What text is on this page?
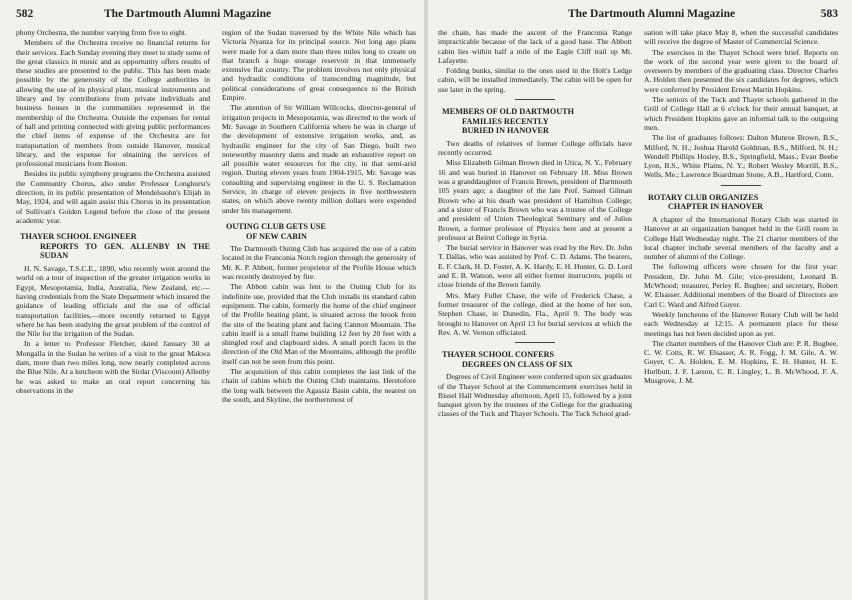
582	The Dartmouth Alumni Magazine

phony Orchestra, the number varying from five to eight.

Members of the Orchestra receive no financial returns for their services. Each Sunday evening they meet to study some of the great classics in music and as opportunity offers results of these studies are presented to the public. This has been made possible by the generosity of the College authorities in allowing the use of its physical plant, musical instruments and library and by contributions from private individuals and business houses in the communities represented in the membership of the Orchestra. Outside the expenses for rental of hall and printing connected with giving public performances the chief items of expense of the Orchestra are for transportation of members from outside Hanover, musical library, and the expense for obtaining the services of professional musicians from Boston.

Besides its public symphony programs the Orchestra assisted the Community Chorus, also under Professor Longhurst's direction, in its public presentation of Mendelssohn's Elijah in May, 1924, and will again assist this Chorus in its presentation of Sullivan's Golden Legend before the close of the present academic year.

THAYER SCHOOL ENGINEER
REPORTS TO GEN. ALLENBY IN THE SUDAN

H. N. Savage, T.S.C.E., 1890, who recently went around the world on a tour of inspection of the greater irrigation works in Egypt, Mesopotamia, India, Australia, New Zealand, etc.—having credentials from the State Department which insured the guidance of leading officials and the use of official transportation facilities,—more recently returned to Egypt where he has been studying the great problem of the control of the Nile for the irrigation of the Sudan.

In a letter to Professor Fletcher, dated January 30 at Mongalla in the Sudan he writes of a visit to the great Makwa dam, more than two miles long, now nearly completed across the Blue Nile. At a luncheon with the Sirdar (Viscount) Allenby he was asked to make an oral report concerning his observations in the

region of the Sudan traversed by the White Nile which has Victoria Nyanza for its principal source. Not long ago plans were made for a dam more than three miles long to create on that branch a huge storage reservoir in that immensely extensive flat country. The problem involves not only physical and hydraulic conditions of transcending magnitude, but political considerations of great consequence to the British Empire.

The attention of Sir William Willcocks, director-general of irrigation projects in Mesopotamia, was directed to the work of Mr. Savage in Southern California where he was in charge of the development of extensive irrigation works, and, as hydraulic engineer for the city of San Diego, built two noteworthy masonry dams and made an exhaustive report on all possible water resources for the city, in that semi-arid region. During eleven years from 1904-1915, Mr. Savage was consulting and supervising engineer in the U. S. Reclamation Service, in charge of eleven projects in five northwestern states, on which above twenty million dollars were expended under his management.

OUTING CLUB GETS USE
OF NEW CABIN

The Dartmouth Outing Club has acquired the use of a cabin located in the Franconia Notch region through the generosity of Mr. K. P. Abbott, former proprietor of the Profile House which was recently destroyed by fire.

The Abbott cabin was lent to the Outing Club for its indefinite use, provided that the Club installs its standard cabin equipment. The cabin, formerly the home of the chief engineer of the Profile heating plant, is situated across the brook from the site of the heating plant and facing Cannon Mountain. The cabin itself is a small frame building 12 feet by 20 feet with a shingled roof and clapboard sides. A small porch faces in the direction of the Old Man of the Mountains, although the profile itself can not be seen from this point.

The acquisition of this cabin completes the last link of the chain of cabins which the Outing Club maintains. Heretofore the long walk between the Agassiz Basin cabin, the nearest on the south, and Skyline, the northernmost of

The Dartmouth Alumni Magazine	583

the chain, has made the ascent of the Franconia Range impracticable because of the lack of a good base. The Abbott cabin lies within half a mile of the Eagle Cliff trail up Mt. Lafayette.

Folding bunks, similar to the ones used in the Holt's Ledge cabin, will be installed immediately. The cabin will be open for use later in the spring.

MEMBERS OF OLD DARTMOUTH
FAMILIES RECENTLY
BURIED IN HANOVER

Two deaths of relatives of former College officials have recently occurred.

Miss Elizabeth Gilman Brown died in Utica, N. Y., February 16 and was buried in Hanover on February 18. Miss Brown was a granddaughter of Francis Brown, president of Dartmouth 105 years ago; a daughter of the late Prof. Samuel Gilman Brown who at his death was president of Hamilton College; and a sister of Francis Brown who was a trustee of the College and president of Union Theological Seminary and of Julius Brown, a former professor of Physics here and at present a professor at Beirut College in Syria.

The burial service in Hanover was read by the Rev. Dr. John T. Dallas, who was assisted by Prof. C. D. Adams. The bearers, E. F. Clark, H. D. Foster, A. K. Hardy, E. H. Hunter, G. D. Lord and E. B. Watson, were all either former instructors, pupils or close friends of the Brown family.

Mrs. Mary Fuller Chase, the wife of Frederick Chase, a former treasurer of the college, died at the home of her son, Stephen Chase, in Dunedin, Fla., April 9. The body was brought to Hanover on April 13 for burial services at which the Rev. A. W. Vernon officiated.

THAYER SCHOOL CONFERS
DEGREES ON CLASS OF SIX

Degrees of Civil Engineer were conferred upon six graduates of the Thayer School at the Commencement exercises held in Bissel Hall Wednesday afternoon, April 15, followed by a joint banquet given by the trustees of the College for the graduating classes of the Tuck and Thayer Schools. The Tuck School grad-

uation will take place May 8, when the successful candidates will receive the degree of Master of Commercial Science.

The exercises in the Thayer School were brief. Reports on the work of the second year were given to the board of overseers by members of the graduating class. Director Charles A. Holden then presented the six candidates for degrees, which were conferred by President Ernest Martin Hopkins.

The seniors of the Tuck and Thayer schools gathered in the Grill of College Hall at 6 o'clock for their annual banquet, at which President Hopkins gave an informal talk to the outgoing men.

The list of graduates follows: Dalton Munroe Brown, B.S., Milford, N. H.; Joshua Harold Goldman, B.S., Milford, N. H.; Wendell Phillips Hosley, B.S., Springfield, Mass.; Evan Beebe Lyon, B.S., White Plains, N. Y.; Robert Wesley Morrill, B.S., Wells, Me.; Lawrence Boardman Stone, A.B., Hartford, Conn.

ROTARY CLUB ORGANIZES
CHAPTER IN HANOVER

A chapter of the International Rotary Club was started in Hanover at an organization banquet held in the Grill room in College Hall Wednesday night. The 21 charter members of the local chapter include several members of the faculty and a number of alumni of the College.

The following officers were chosen for the first year: President, Dr. John M. Gile; vice-president, Leonard B. McWhood; treasurer, Perley R. Bugbee; and secretary, Robert W. Elsasser. Additional members of the Board of Directors are Carl C. Ward and Alfred Guyer.

Weekly luncheons of the Hanover Rotary Club will be held each Wednesday at 12:15. A permanent place for these meetings has not been decided upon as yet.

The charter members of the Hanover Club are: P. R. Bugbee, C. W. Cotts, R. W. Elsasser, A. R. Fogg, J. M. Gile, A. W. Guyer, C. A. Holden, E. M. Hopkins, E. H. Hunter, H. E. Hurlbutt, J. F. Larson, C. R. Lingley, L. B. McWhood, F. A. Musgrove, J. M.
